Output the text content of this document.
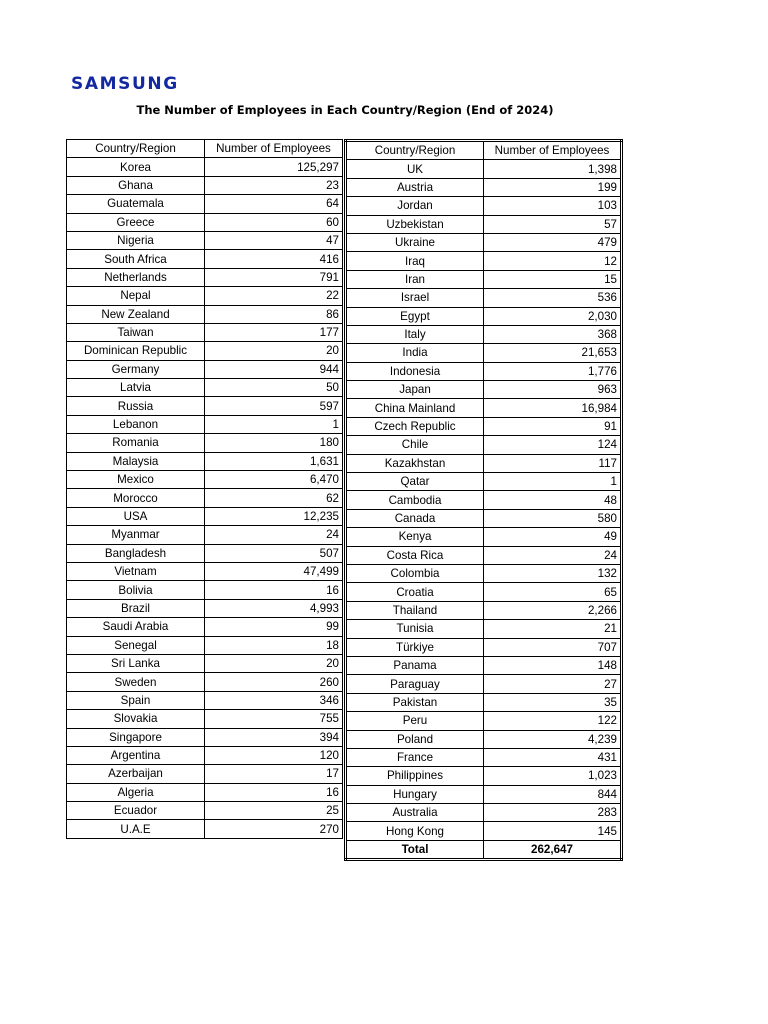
SAMSUNG
The Number of Employees in Each Country/Region (End of 2024)
Country/Region	Number of Employees
Korea	125,297
Ghana	23
Guatemala	64
Greece	60
Nigeria	47
South Africa	416
Netherlands	791
Nepal	22
New Zealand	86
Taiwan	177
Dominican Republic	20
Germany	944
Latvia	50
Russia	597
Lebanon	1
Romania	180
Malaysia	1,631
Mexico	6,470
Morocco	62
USA	12,235
Myanmar	24
Bangladesh	507
Vietnam	47,499
Bolivia	16
Brazil	4,993
Saudi Arabia	99
Senegal	18
Sri Lanka	20
Sweden	260
Spain	346
Slovakia	755
Singapore	394
Argentina	120
Azerbaijan	17
Algeria	16
Ecuador	25
U.A.E	270
Country/Region	Number of Employees
UK	1,398
Austria	199
Jordan	103
Uzbekistan	57
Ukraine	479
Iraq	12
Iran	15
Israel	536
Egypt	2,030
Italy	368
India	21,653
Indonesia	1,776
Japan	963
China Mainland	16,984
Czech Republic	91
Chile	124
Kazakhstan	117
Qatar	1
Cambodia	48
Canada	580
Kenya	49
Costa Rica	24
Colombia	132
Croatia	65
Thailand	2,266
Tunisia	21
Türkiye	707
Panama	148
Paraguay	27
Pakistan	35
Peru	122
Poland	4,239
France	431
Philippines	1,023
Hungary	844
Australia	283
Hong Kong	145
Total	262,647
